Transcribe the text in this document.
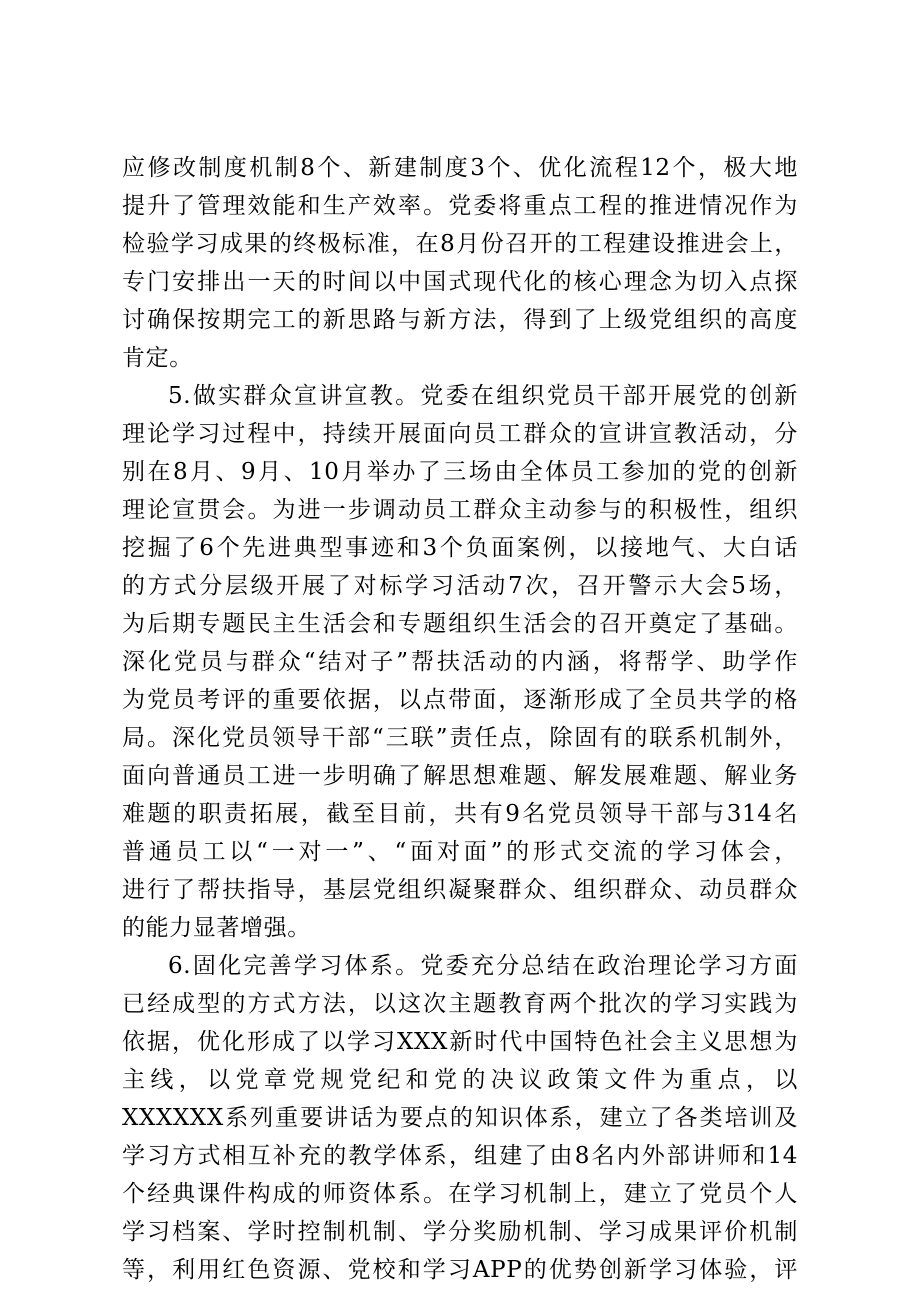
应修改制度机制8个、新建制度3个、优化流程12个，极大地
提升了管理效能和生产效率。党委将重点工程的推进情况作为
检验学习成果的终极标准，在8月份召开的工程建设推进会上，
专门安排出一天的时间以中国式现代化的核心理念为切入点探
讨确保按期完工的新思路与新方法，得到了上级党组织的高度
肯定。
5.做实群众宣讲宣教。党委在组织党员干部开展党的创新
理论学习过程中，持续开展面向员工群众的宣讲宣教活动，分
别在8月、9月、10月举办了三场由全体员工参加的党的创新
理论宣贯会。为进一步调动员工群众主动参与的积极性，组织
挖掘了6个先进典型事迹和3个负面案例，以接地气、大白话
的方式分层级开展了对标学习活动7次，召开警示大会5场，
为后期专题民主生活会和专题组织生活会的召开奠定了基础。
深化党员与群众“结对子”帮扶活动的内涵，将帮学、助学作
为党员考评的重要依据，以点带面，逐渐形成了全员共学的格
局。深化党员领导干部“三联”责任点，除固有的联系机制外，
面向普通员工进一步明确了解思想难题、解发展难题、解业务
难题的职责拓展，截至目前，共有9名党员领导干部与314名
普通员工以“一对一”、“面对面”的形式交流的学习体会，
进行了帮扶指导，基层党组织凝聚群众、组织群众、动员群众
的能力显著增强。
6.固化完善学习体系。党委充分总结在政治理论学习方面
已经成型的方式方法，以这次主题教育两个批次的学习实践为
依据，优化形成了以学习XXX新时代中国特色社会主义思想为
主线，以党章党规党纪和党的决议政策文件为重点，以
XXXXXX系列重要讲话为要点的知识体系，建立了各类培训及
学习方式相互补充的教学体系，组建了由8名内外部讲师和14
个经典课件构成的师资体系。在学习机制上，建立了党员个人
学习档案、学时控制机制、学分奖励机制、学习成果评价机制
等，利用红色资源、党校和学习APP的优势创新学习体验，评
